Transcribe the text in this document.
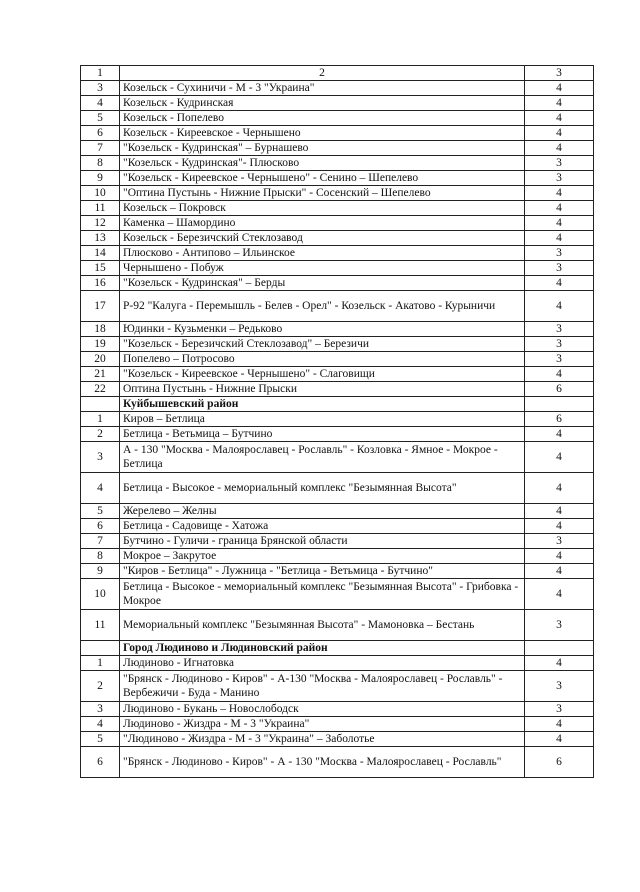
1	2	3
3	Козельск - Сухиничи - М - 3 "Украина"	4
4	Козельск - Кудринская	4
5	Козельск - Попелево	4
6	Козельск - Киреевское - Чернышено	4
7	"Козельск - Кудринская" – Бурнашево	4
8	"Козельск - Кудринская"- Плюсково	3
9	"Козельск - Киреевское - Чернышено" - Сенино – Шепелево	3
10	"Оптина Пустынь - Нижние Прыски" - Сосенский – Шепелево	4
11	Козельск – Покровск	4
12	Каменка – Шамордино	4
13	Козельск - Березичский Стеклозавод	4
14	Плюсково - Антипово – Ильинское	3
15	Чернышено - Побуж	3
16	"Козельск - Кудринская" – Берды	4
17	Р-92 "Калуга - Перемышль - Белев - Орел" - Козельск - Акатово - Курыничи	4
18	Юдинки - Кузьменки – Редьково	3
19	"Козельск - Березичский Стеклозавод" – Березичи	3
20	Попелево – Потросово	3
21	"Козельск - Киреевское - Чернышено" - Слаговищи	4
22	Оптина Пустынь - Нижние Прыски	6
	Куйбышевский район	
1	Киров – Бетлица	6
2	Бетлица - Ветьмица – Бутчино	4
3	А - 130 "Москва - Малоярославец - Рославль" - Козловка - Ямное - Мокрое - Бетлица	4
4	Бетлица - Высокое - мемориальный комплекс "Безымянная Высота"	4
5	Жерелево – Желны	4
6	Бетлица - Садовище - Хатожа	4
7	Бутчино - Гуличи - граница Брянской области	3
8	Мокрое – Закрутое	4
9	"Киров - Бетлица" - Лужница - "Бетлица - Ветьмица - Бутчино"	4
10	Бетлица - Высокое - мемориальный комплекс "Безымянная Высота" - Грибовка - Мокрое	4
11	Мемориальный комплекс "Безымянная Высота" - Мамоновка – Бестань	3
	Город Людиново и Людиновский район	
1	Людиново - Игнатовка	4
2	"Брянск - Людиново - Киров" - А-130 "Москва - Малоярославец - Рославль" - Вербежичи - Буда - Манино	3
3	Людиново - Букань – Новослободск	3
4	Людиново - Жиздра - М - 3 "Украина"	4
5	"Людиново - Жиздра - М - 3 "Украина" – Заболотье	4
6	"Брянск - Людиново - Киров" - А - 130 "Москва - Малоярославец - Рославль"	6
